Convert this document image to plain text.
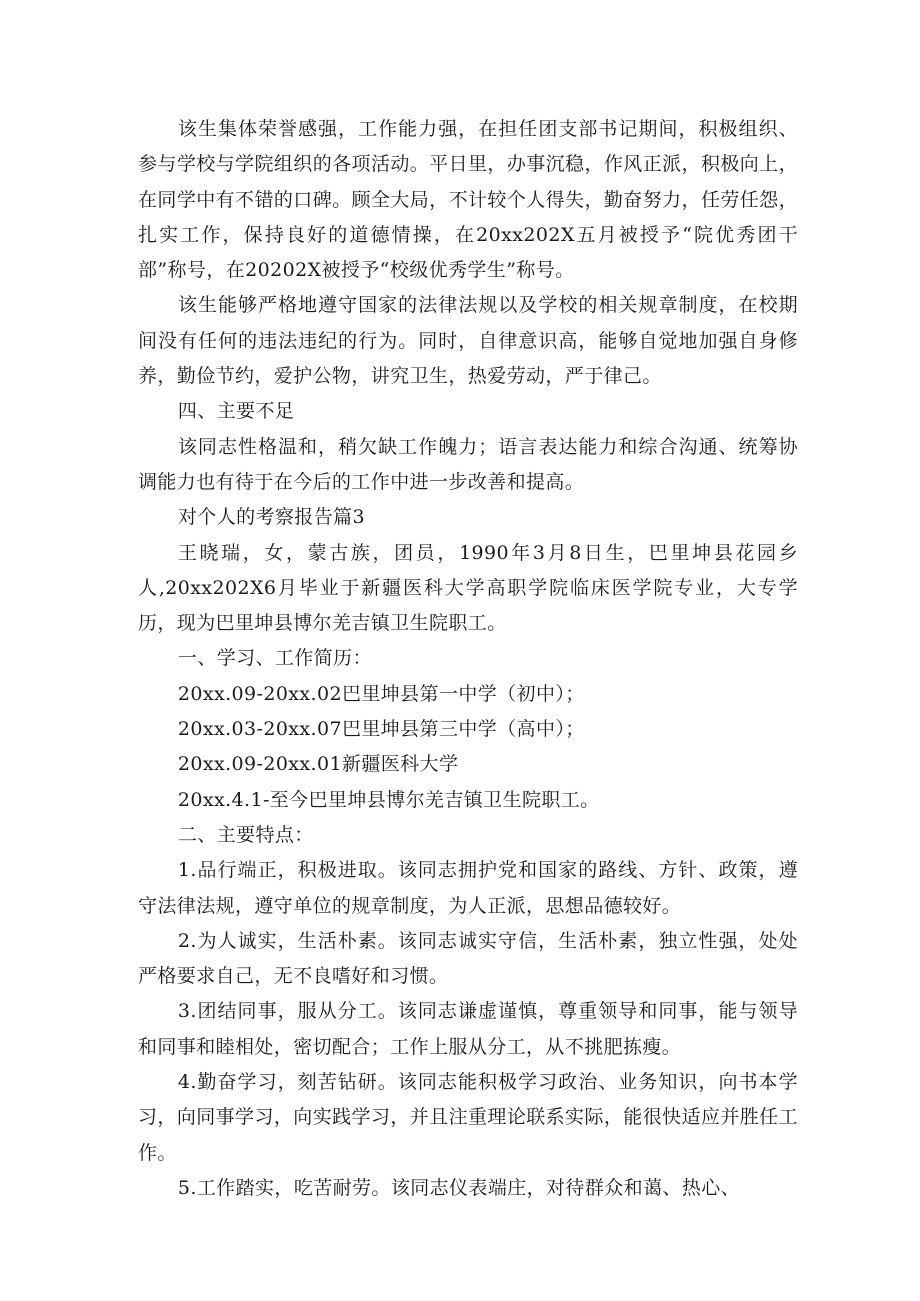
该生集体荣誉感强，工作能力强，在担任团支部书记期间，积极组织、参与学校与学院组织的各项活动。平日里，办事沉稳，作风正派，积极向上，在同学中有不错的口碑。顾全大局，不计较个人得失，勤奋努力，任劳任怨，扎实工作，保持良好的道德情操，在20xx202X五月被授予“院优秀团干部”称号，在20202X被授予“校级优秀学生”称号。

该生能够严格地遵守国家的法律法规以及学校的相关规章制度，在校期间没有任何的违法违纪的行为。同时，自律意识高，能够自觉地加强自身修养，勤俭节约，爱护公物，讲究卫生，热爱劳动，严于律己。

四、主要不足

该同志性格温和，稍欠缺工作魄力；语言表达能力和综合沟通、统筹协调能力也有待于在今后的工作中进一步改善和提高。

对个人的考察报告篇3

王晓瑞，女，蒙古族，团员，1990年3月8日生，巴里坤县花园乡人,20xx202X6月毕业于新疆医科大学高职学院临床医学院专业，大专学历，现为巴里坤县博尔羌吉镇卫生院职工。

一、学习、工作简历：

20xx.09-20xx.02巴里坤县第一中学（初中）；

20xx.03-20xx.07巴里坤县第三中学（高中）；

20xx.09-20xx.01新疆医科大学

20xx.4.1-至今巴里坤县博尔羌吉镇卫生院职工。

二、主要特点：

1.品行端正，积极进取。该同志拥护党和国家的路线、方针、政策，遵守法律法规，遵守单位的规章制度，为人正派，思想品德较好。

2.为人诚实，生活朴素。该同志诚实守信，生活朴素，独立性强，处处严格要求自己，无不良嗜好和习惯。

3.团结同事，服从分工。该同志谦虚谨慎，尊重领导和同事，能与领导和同事和睦相处，密切配合；工作上服从分工，从不挑肥拣瘦。

4.勤奋学习，刻苦钻研。该同志能积极学习政治、业务知识，向书本学习，向同事学习，向实践学习，并且注重理论联系实际，能很快适应并胜任工作。

5.工作踏实，吃苦耐劳。该同志仪表端庄，对待群众和蔼、热心、
